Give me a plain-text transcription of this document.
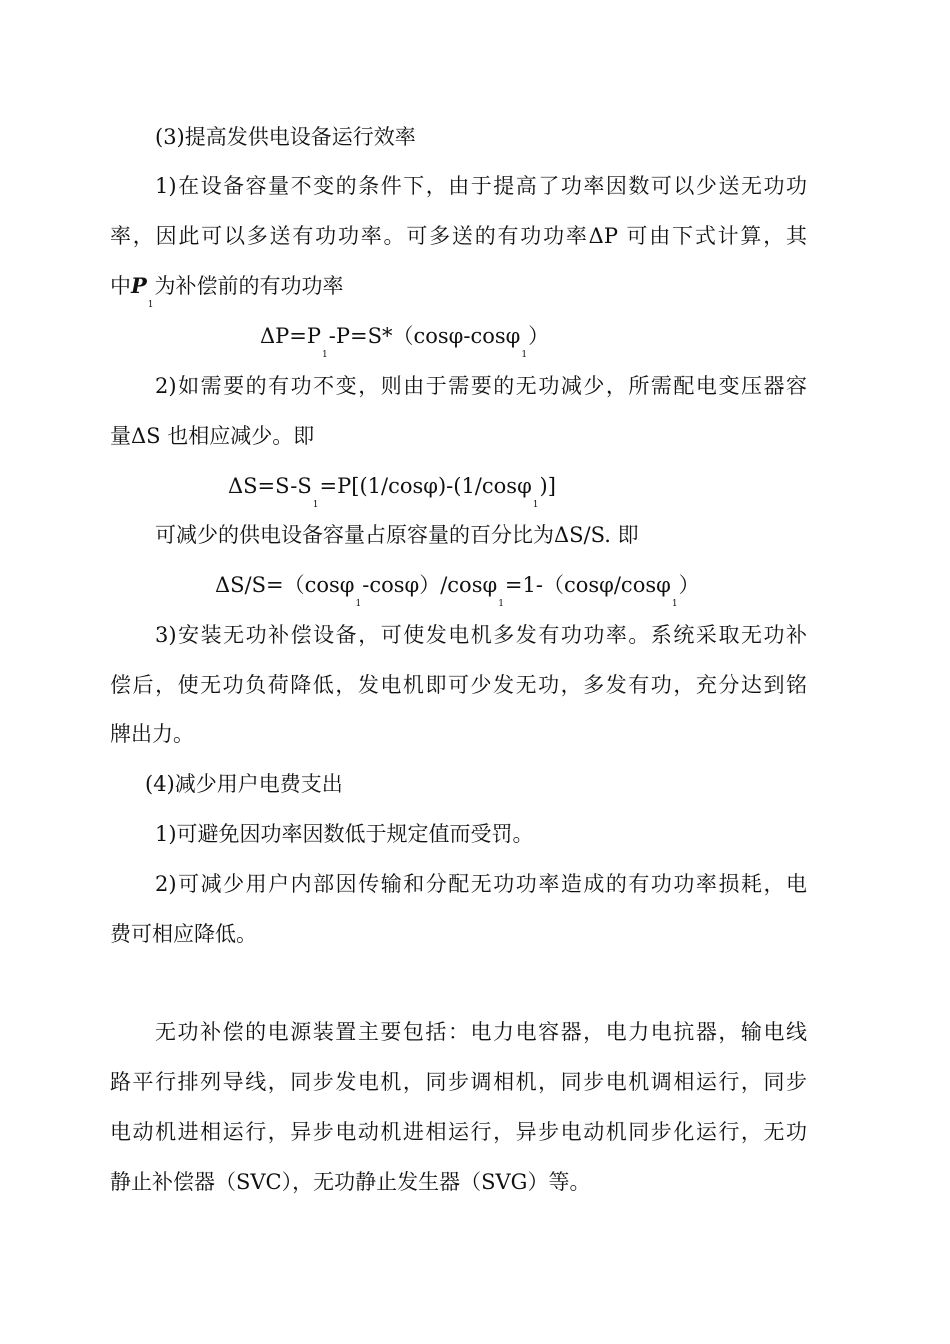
(3)提高发供电设备运行效率
1)在设备容量不变的条件下，由于提高了功率因数可以少送无功功
率，因此可以多送有功功率。可多送的有功功率ΔP 可由下式计算，其
中$P_1$为补偿前的有功功率
$\Delta P=P_1-P=S*(\cos\varphi-\cos\varphi_1)$
2)如需要的有功不变，则由于需要的无功减少，所需配电变压器容
量ΔS 也相应减少。即
$\Delta S=S-S_1=P[(1/\cos\varphi)-(1/\cos\varphi_1)]$
可减少的供电设备容量占原容量的百分比为ΔS/S. 即
ΔS/S=（cosφ$_1$-cosφ）/cosφ$_1$=1-（cosφ/cosφ$_1$）
3)安装无功补偿设备，可使发电机多发有功功率。系统采取无功补
偿后，使无功负荷降低，发电机即可少发无功，多发有功，充分达到铭
牌出力。
(4)减少用户电费支出
1)可避免因功率因数低于规定值而受罚。
2)可减少用户内部因传输和分配无功功率造成的有功功率损耗，电
费可相应降低。
无功补偿的电源装置主要包括：电力电容器，电力电抗器，输电线
路平行排列导线，同步发电机，同步调相机，同步电机调相运行，同步
电动机进相运行，异步电动机进相运行，异步电动机同步化运行，无功
静止补偿器（SVC），无功静止发生器（SVG）等。
